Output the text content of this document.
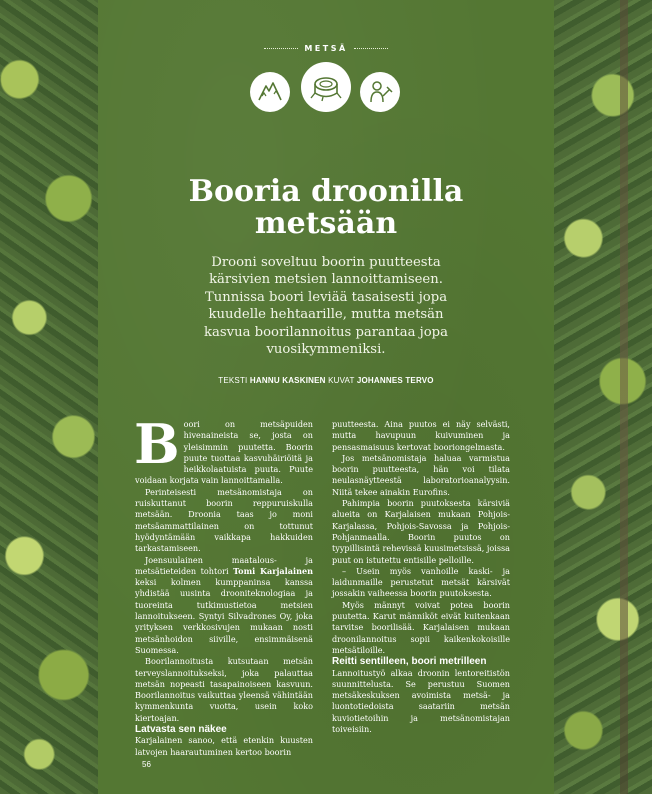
METSÄ
Booria droonilla
metsään
Drooni soveltuu boorin puutteesta kärsivien metsien lannoittamiseen. Tunnissa boori leviää tasaisesti jopa kuudelle hehtaarille, mutta metsän kasvua boorilannoitus parantaa jopa vuosikymmeniksi.
TEKSTI HANNU KASKINEN KUVAT JOHANNES TERVO

Boori on metsäpuiden hivenaineista se, josta on yleisimmin puutetta. Boorin puute tuottaa kasvuhäiriöitä ja heikkolaatuista puuta. Puute voidaan korjata vain lannoittamalla.

Perinteisesti metsänomistaja on ruiskuttanut boorin reppuruiskulla metsään. Droonia taas jo moni metsäammattilainen on tottunut hyödyntämään vaikkapa hakkuiden tarkastamiseen.

Joensuulainen maatalous- ja metsätieteiden tohtori Tomi Karjalainen keksi kolmen kumppaninsa kanssa yhdistää uusinta drooniteknologiaa ja tuoreinta tutkimustietoa metsien lannoitukseen. Syntyi Silvadrones Oy, joka yrityksen verkkosivujen mukaan nosti metsänhoidon siiville, ensimmäisenä Suomessa.

Boorilannoitusta kutsutaan metsän terveyslannoitukseksi, joka palauttaa metsän nopeasti tasapainoiseen kasvuun. Boorilannoitus vaikuttaa yleensä vähintään kymmenkunta vuotta, usein koko kiertoajan.

Latvasta sen näkee

Karjalainen sanoo, että etenkin kuusten latvojen haarautuminen kertoo boorin

puutteesta. Aina puutos ei näy selvästi, mutta havupuun kuivuminen ja pensasmaisuus kertovat booriongelmasta.

Jos metsänomistaja haluaa varmistua boorin puutteesta, hän voi tilata neulasnäytteestä laboratorioanalyysin. Niitä tekee ainakin Eurofins.

Pahimpia boorin puutoksesta kärsiviä alueita on Karjalaisen mukaan Pohjois-Karjalassa, Pohjois-Savossa ja Pohjois-Pohjanmaalla. Boorin puutos on tyypillisintä rehevissä kuusimetsissä, joissa puut on istutettu entisille pelloille.

– Usein myös vanhoille kaski- ja laidunmaille perustetut metsät kärsivät jossakin vaiheessa boorin puutoksesta.

Myös männyt voivat potea boorin puutetta. Karut männiköt eivät kuitenkaan tarvitse boorilisää. Karjalaisen mukaan droonilannoitus sopii kaikenkokoisille metsätiloille.

Reitti sentilleen, boori metrilleen

Lannoitustyö alkaa droonin lentoreitistön suunnittelusta. Se perustuu Suomen metsäkeskuksen avoimista metsä- ja luontotiedoista saatariin metsän kuviotietoihin ja metsänomistajan toiveisiin.

56
